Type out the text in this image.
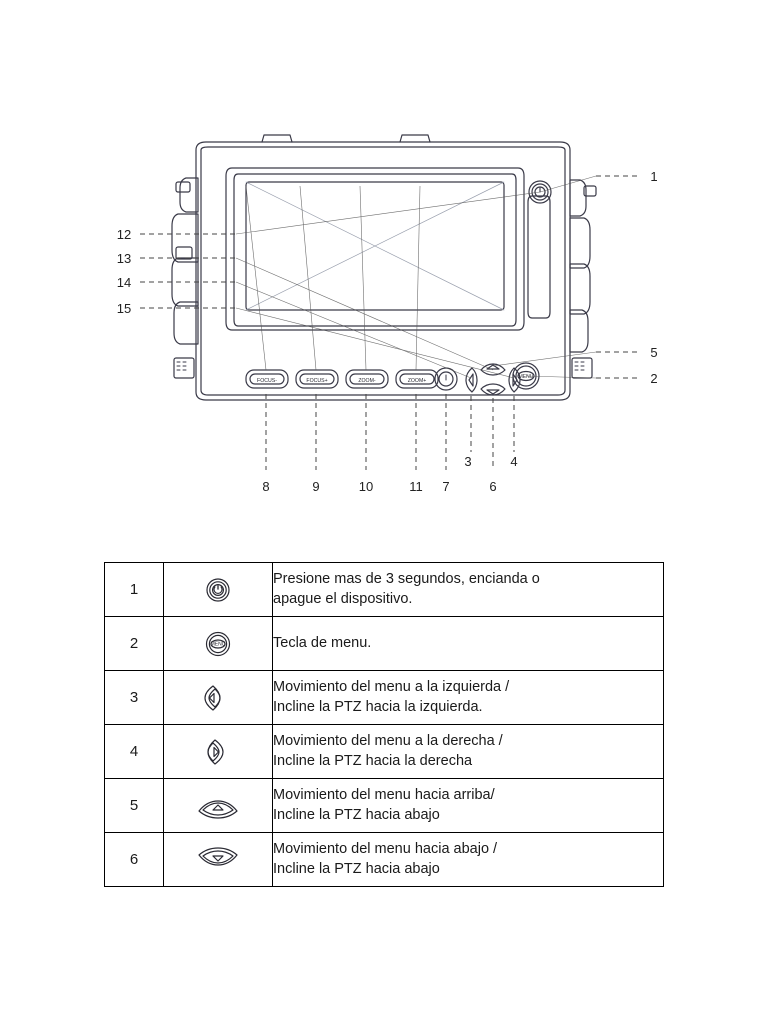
FOCUS-	FOCUS+	ZOOM-	ZOOM+
MENU
1
5
2
12
13
14
15
8	9	10	11 7	6
3	4
1		Presione mas de 3 segundos, encianda o
apague el dispositivo.

2	MENU	Tecla de menu.

3		Movimiento del menu a la izquierda /
Incline la PTZ hacia la izquierda.

4		Movimiento del menu a la derecha /
Incline la PTZ hacia la derecha

5		Movimiento del menu hacia arriba/
Incline la PTZ hacia abajo

6		Movimiento del menu hacia abajo /
Incline la PTZ hacia abajo
